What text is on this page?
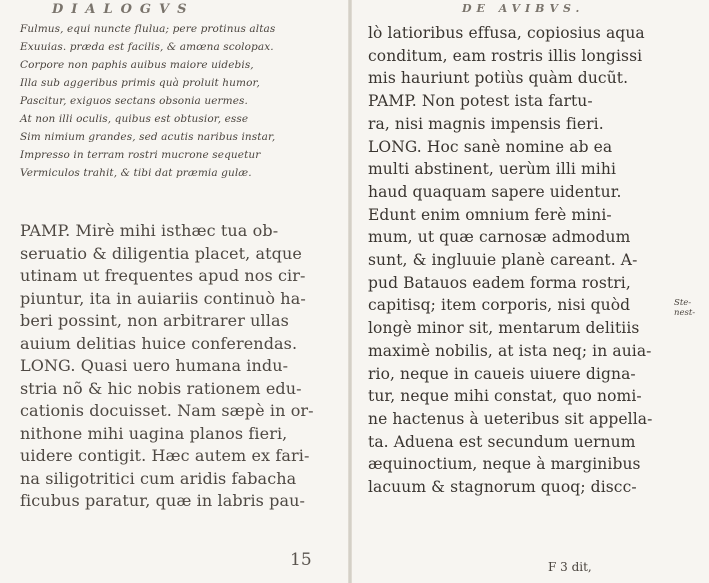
DIALOGVS
Fulmus, equi nuncte flulua; pere protinus altas
Exuuias. præda est facilis, & amœna scolopax.
Corpore non paphis auibus maiore uidebis,
Illa sub aggeribus primis quà proluit humor,
Pascitur, exiguos sectans obsonia uermes.
At non illi oculis, quibus est obtusior, esse
Sim nimium grandes, sed acutis naribus instar,
Impresso in terram rostri mucrone sequetur
Vermiculos trahit, & tibi dat præmia gulæ.
PAMP. Mirè mihi isthæc tua ob-
seruatio & diligentia placet, atque
utinam ut frequentes apud nos cir-
piuntur, ita in auiariis continuò ha-
beri possint, non arbitrarer ullas
auium delitias huice conferendas.
LONG. Quasi uero humana indu-
stria nõ & hic nobis rationem edu-
cationis docuisset. Nam sæpè in or-
nithone mihi uagina planos fieri,
uidere contigit. Hæc autem ex fari-
na siligotritici cum aridis fabacha
ficubus paratur, quæ in labris pau-
15
DE AVIBVS.
lò latioribus effusa, copiosius aqua
conditum, eam rostris illis longissi
mis hauriunt potiùs quàm ducũt.
PAMP. Non potest ista fartu-
ra, nisi magnis impensis fieri.
LONG. Hoc sanè nomine ab ea
multi abstinent, uerùm illi mihi
haud quaquam sapere uidentur.
Edunt enim omnium ferè mini-
mum, ut quæ carnosæ admodum
sunt, & ingluuie planè careant. A-
pud Batauos eadem forma rostri,
capitisq; item corporis, nisi quòd
longè minor sit, mentarum delitiis
maximè nobilis, at ista neq; in auia-
rio, neque in caueis uiuere digna-
tur, neque mihi constat, quo nomi-
ne hactenus à ueteribus sit appella-
ta. Aduena est secundum uernum
æquinoctium, neque à marginibus
lacuum & stagnorum quoq; discc-
Ste-
nest-
F 3 dit,
